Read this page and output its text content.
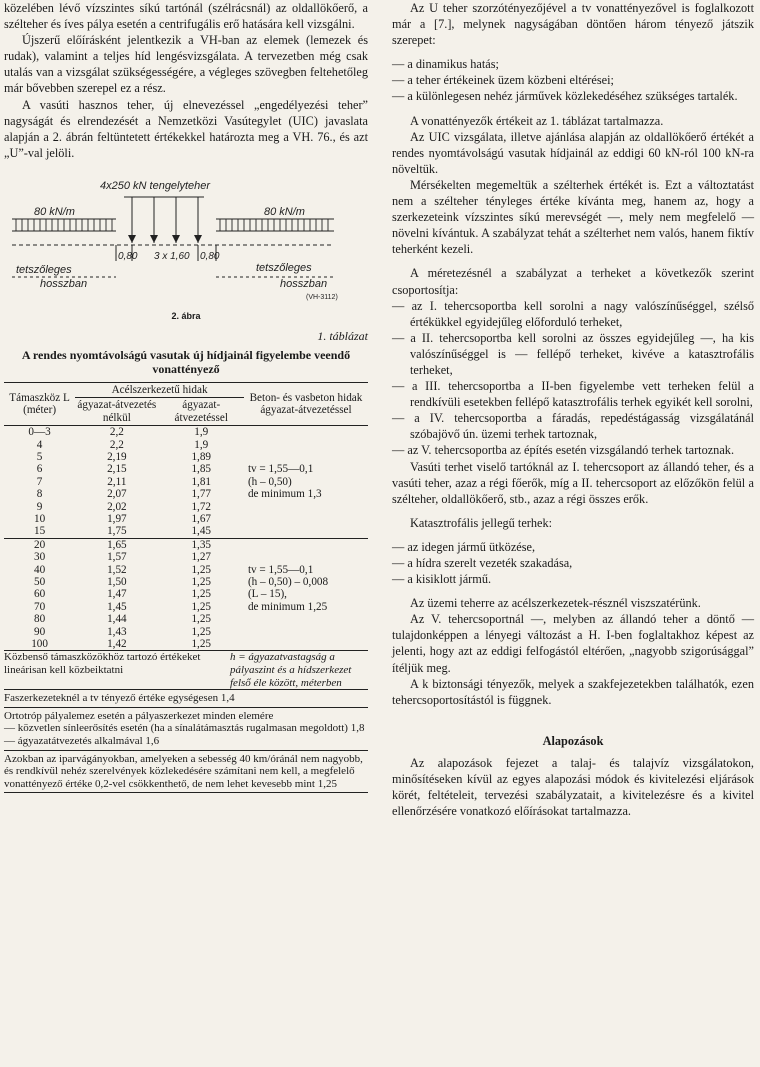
közelében lévő vízszintes síkú tartónál (szélrácsnál) az oldallökőerő, a szélteher és íves pálya esetén a centrifugális erő hatására kell vizsgálni.

Újszerű előírásként jelentkezik a VH-ban az elemek (lemezek és rudak), valamint a teljes híd lengésvizsgálata. A tervezetben még csak utalás van a vizsgálat szükségességére, a végleges szövegben feltehetőleg már bővebben szerepel ez a rész.

A vasúti hasznos teher, új elnevezéssel „engedélyezési teher” nagyságát és elrendezését a Nemzetközi Vasútegylet (UIC) javaslata alapján a 2. ábrán feltüntetett értékekkel határozta meg a VH. 76., és azt „U”-val jelöli.

4x250 kN tengelyteher
80 kN/m	80 kN/m
0,80 3 x 1,60 0,80
tetszőleges
hosszban
tetszőleges
hosszban
(VH-3112)
2. ábra
1. táblázat
A rendes nyomtávolságú vasutak új hídjainál figyelembe veendő vonattényező
Támaszköz L (méter)	Acélszerkezetű hidak		Beton- és vasbeton hidak ágyazat-átvezetéssel
	ágyazat-átvezetés nélkül	ágyazat-átvezetéssel	
0—3	2,2	1,9	
4	2,2	1,9	
5	2,19	1,89	
6	2,15	1,85	tv = 1,55—0,1
7	2,11	1,81	(h – 0,50)
8	2,07	1,77	de minimum 1,3
9	2,02	1,72	
10	1,97	1,67	
15	1,75	1,45	
20	1,65	1,35	
30	1,57	1,27	
40	1,52	1,25	tv = 1,55—0,1
50	1,50	1,25	(h – 0,50) – 0,008
60	1,47	1,25	(L – 15),
70	1,45	1,25	de minimum 1,25
80	1,44	1,25	
90	1,43	1,25	
100	1,42	1,25	
Közbenső támaszközökhöz tartozó értékeket lineárisan kell közbeiktatni	h = ágyazatvastagság a pályaszint és a hídszerkezet felső éle között, méterben
Faszerkezeteknél a tv tényező értéke egységesen 1,4
Ortotróp pályalemez esetén a pályaszerkezet minden elemére
— közvetlen sínleerősítés esetén (ha a sínalátámasztás rugalmasan megoldott) 1,8
— ágyazatátvezetés alkalmával 1,6
Azokban az iparvágányokban, amelyeken a sebesség 40 km/óránál nem nagyobb, és rendkívül nehéz szerelvények közlekedésére számítani nem kell, a megfelelő vonattényező értéke 0,2-vel csökkenthető, de nem lehet kevesebb mint 1,25

Az U teher szorzótényezőjével a tv vonattényezővel is foglalkozott már a [7.], melynek nagyságában döntően három tényező játszik szerepet:

— a dinamikus hatás;

— a teher értékeinek üzem közbeni eltérései;

— a különlegesen nehéz járművek közlekedéséhez szükséges tartalék.

A vonattényezők értékeit az 1. táblázat tartalmazza.

Az UIC vizsgálata, illetve ajánlása alapján az oldallökőerő értékét a rendes nyomtávolságú vasutak hídjainál az eddigi 60 kN-ról 100 kN-ra növeltük.

Mérsékelten megemeltük a szélterhek értékét is. Ezt a változtatást nem a szélteher tényleges értéke kívánta meg, hanem az, hogy a szerkezeteink vízszintes síkú merevségét —, mely nem megfelelő — növelni kívántuk. A szabályzat tehát a szélterhet nem valós, hanem fiktív teherként kezeli.

A méretezésnél a szabályzat a terheket a következők szerint csoportosítja:

— az I. tehercsoportba kell sorolni a nagy valószínűséggel, szélső értékükkel egyidejűleg előforduló terheket,

— a II. tehercsoportba kell sorolni az összes egyidejűleg —, ha kis valószínűséggel is — fellépő terheket, kivéve a katasztrofális terheket,

— a III. tehercsoportba a II-ben figyelembe vett terheken felül a rendkívüli esetekben fellépő katasztrofális terhek egyikét kell sorolni,

— a IV. tehercsoportba a fáradás, repedéstágasság vizsgálatánál szóbajövő ún. üzemi terhek tartoznak,

— az V. tehercsoportba az építés esetén vizsgálandó terhek tartoznak.

Vasúti terhet viselő tartóknál az I. tehercsoport az állandó teher, és a vasúti teher, azaz a régi főerők, míg a II. tehercsoport az előzőkön felül a szélteher, oldallökőerő, stb., azaz a régi összes erők.

Katasztrofális jellegű terhek:

— az idegen jármű ütközése,

— a hídra szerelt vezeték szakadása,

— a kisiklott jármű.

Az üzemi teherre az acélszerkezetek-résznél viszszatérünk.

Az V. tehercsoportnál —, melyben az állandó teher a döntő — tulajdonképpen a lényegi változást a H. I-ben foglaltakhoz képest az jelenti, hogy azt az eddigi felfogástól eltérően, „nagyobb szigorúsággal” ítéljük meg.

A k biztonsági tényezők, melyek a szakfejezetekben találhatók, ezen tehercsoportosítástól is függnek.

Alapozások

Az alapozások fejezet a talaj- és talajvíz vizsgálatokon, minősítéseken kívül az egyes alapozási módok és kivitelezési eljárások körét, feltételeit, tervezési szabályzatait, a kivitelezésre és a kivitel ellenőrzésére vonatkozó előírásokat tartalmazza.
